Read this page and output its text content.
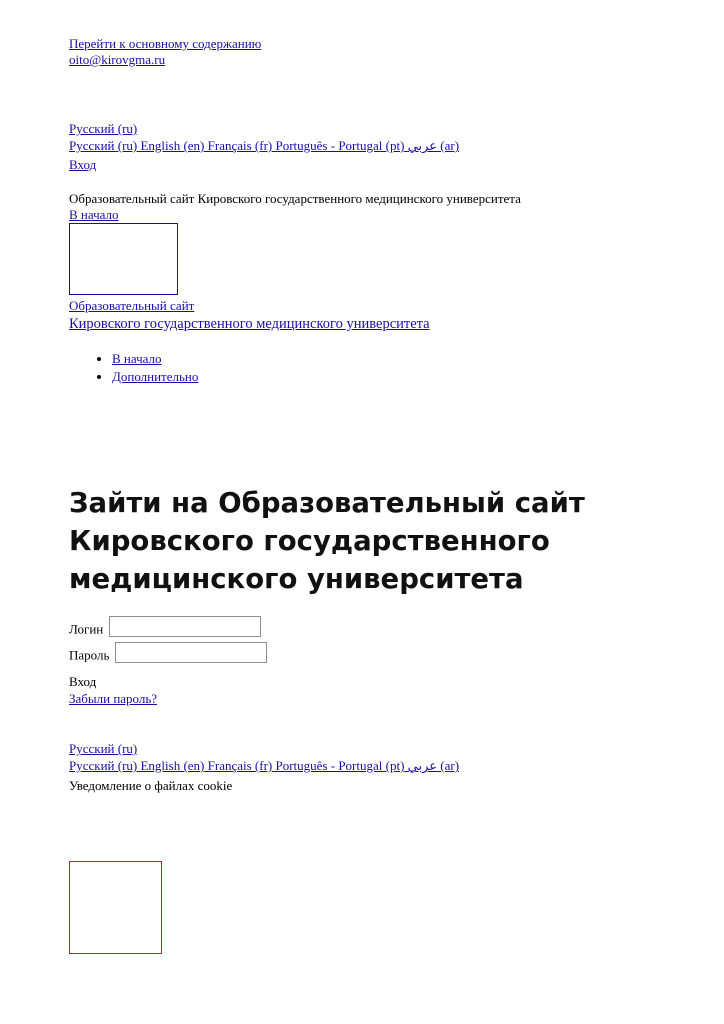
Перейти к основному содержанию
oito@kirovgma.ru
Русский (ru)
Русский (ru) English (en) Français (fr) Português - Portugal (pt) عربي (ar)
Вход
Образовательный сайт Кировского государственного медицинского университета
В начало
Образовательный сайт
Кировского государственного медицинского университета
• В начало
• Дополнительно
Зайти на Образовательный сайт Кировского государственного медицинского университета
Логин
Пароль
Вход
Забыли пароль?
Русский (ru)
Русский (ru) English (en) Français (fr) Português - Portugal (pt) عربي (ar)
Уведомление о файлах cookie
